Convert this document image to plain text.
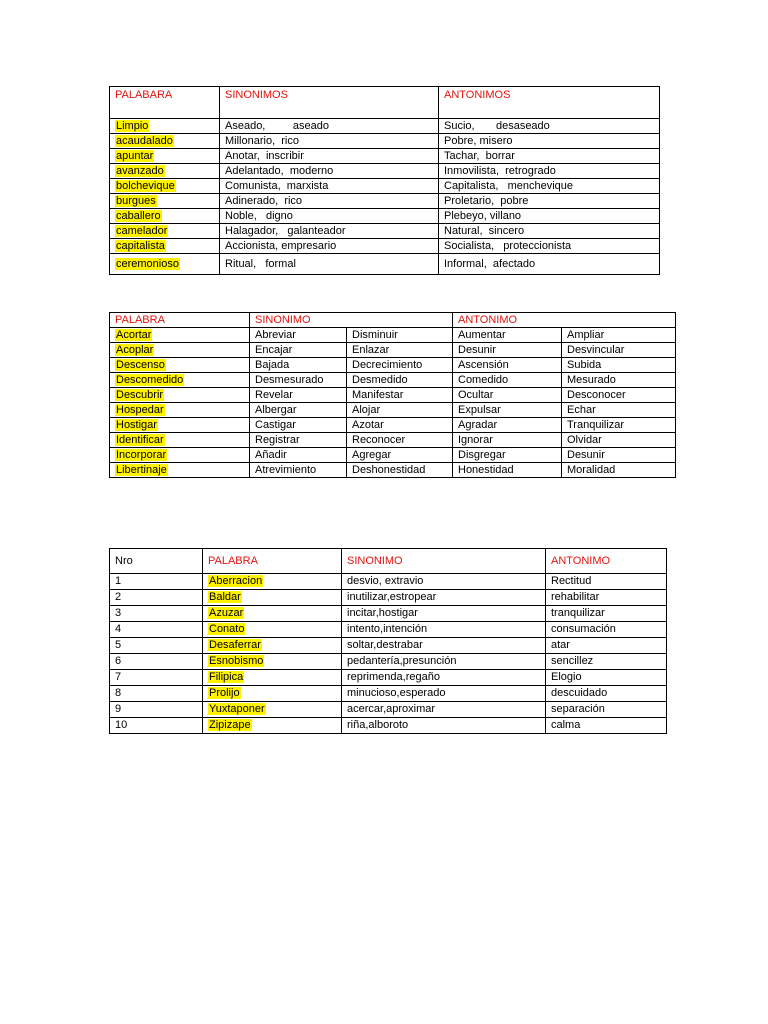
PALABARA	SINONIMOS	ANTONIMOS
Limpio	Aseado,         aseado	Sucio,       desaseado
acaudalado	Millonario,  rico	Pobre, misero
apuntar	Anotar,  inscribir	Tachar,  borrar
avanzado	Adelantado,  moderno	Inmovilista,  retrogrado
bolchevique	Comunista,  marxista	Capitalista,   menchevique
burgues	Adinerado,  rico	Proletario,  pobre
caballero	Noble,   digno	Plebeyo, villano
camelador	Halagador,   galanteador	Natural,  sincero
capitalista	Accionista, empresario	Socialista,   proteccionista
ceremonioso	Ritual,   formal	Informal,  afectado
PALABRA	SINONIMO		ANTONIMO	
Acortar	Abreviar	Disminuir	Aumentar	Ampliar
Acoplar	Encajar	Enlazar	Desunir	Desvincular
Descenso	Bajada	Decrecimiento	Ascensión	Subida
Descomedido	Desmesurado	Desmedido	Comedido	Mesurado
Descubrir	Revelar	Manifestar	Ocultar	Desconocer
Hospedar	Albergar	Alojar	Expulsar	Echar
Hostigar	Castigar	Azotar	Agradar	Tranquilizar
Identificar	Registrar	Reconocer	Ignorar	Olvidar
Incorporar	Añadir	Agregar	Disgregar	Desunir
Libertinaje	Atrevimiento	Deshonestidad	Honestidad	Moralidad
Nro	PALABRA	SINONIMO	ANTONIMO
1	Aberracion	desvio, extravio	Rectitud
2	Baldar	inutilizar,estropear	rehabilitar
3	Azuzar	incitar,hostigar	tranquilizar
4	Conato	intento,intención	consumación
5	Desaferrar	soltar,destrabar	atar
6	Esnobismo	pedantería,presunción	sencillez
7	Filipica	reprimenda,regaño	Elogio
8	Prolijo	minucioso,esperado	descuidado
9	Yuxtaponer	acercar,aproximar	separación
10	Zipizape	riña,alboroto	calma
